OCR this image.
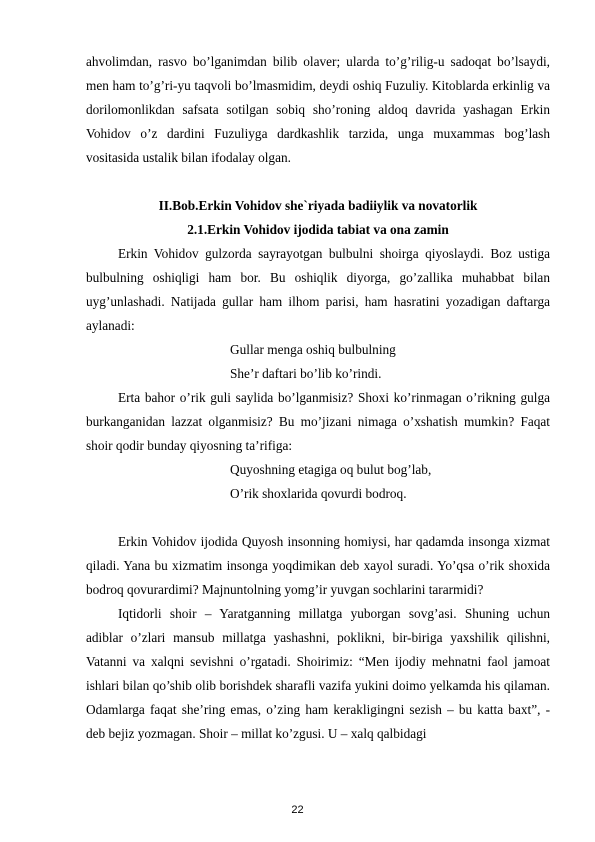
ahvolimdan, rasvo bo’lganimdan bilib olaver; ularda to’g’rilig-u sadoqat bo’lsaydi, men ham to’g’ri-yu taqvoli bo’lmasmidim, deydi oshiq Fuzuliy. Kitoblarda erkinlig va dorilomonlikdan safsata sotilgan sobiq sho’roning aldoq davrida yashagan Erkin Vohidov o’z dardini Fuzuliyga dardkashlik tarzida, unga muxammas bog’lash vositasida ustalik bilan ifodalay olgan.

II.Bob.Erkin Vohidov she`riyada badiiylik va novatorlik

2.1.Erkin Vohidov ijodida tabiat va ona zamin

Erkin Vohidov gulzorda sayrayotgan bulbulni shoirga qiyoslaydi. Boz ustiga bulbulning oshiqligi ham bor. Bu oshiqlik diyorga, go’zallika muhabbat bilan uyg’unlashadi. Natijada gullar ham ilhom parisi, ham hasratini yozadigan daftarga aylanadi:

Gullar menga oshiq bulbulning

She’r daftari bo’lib ko’rindi.

Erta bahor o’rik guli saylida bo’lganmisiz? Shoxi ko’rinmagan o’rikning gulga burkanganidan lazzat olganmisiz? Bu mo’jizani nimaga o’xshatish mumkin? Faqat shoir qodir bunday qiyosning ta’rifiga:

Quyoshning etagiga oq bulut bog’lab,

O’rik shoxlarida qovurdi bodroq.

Erkin Vohidov ijodida Quyosh insonning homiysi, har qadamda insonga xizmat qiladi. Yana bu xizmatim insonga yoqdimikan deb xayol suradi. Yo’qsa o’rik shoxida bodroq qovurardimi? Majnuntolning yomg’ir yuvgan sochlarini tararmidi?

Iqtidorli shoir – Yaratganning millatga yuborgan sovg’asi. Shuning uchun adiblar o’zlari mansub millatga yashashni, poklikni, bir-biriga yaxshilik qilishni, Vatanni va xalqni sevishni o’rgatadi. Shoirimiz: “Men ijodiy mehnatni faol jamoat ishlari bilan qo’shib olib borishdek sharafli vazifa yukini doimo yelkamda his qilaman. Odamlarga faqat she’ring emas, o’zing ham kerakligingni sezish – bu katta baxt”, - deb bejiz yozmagan. Shoir – millat ko’zgusi. U – xalq qalbidagi

22
